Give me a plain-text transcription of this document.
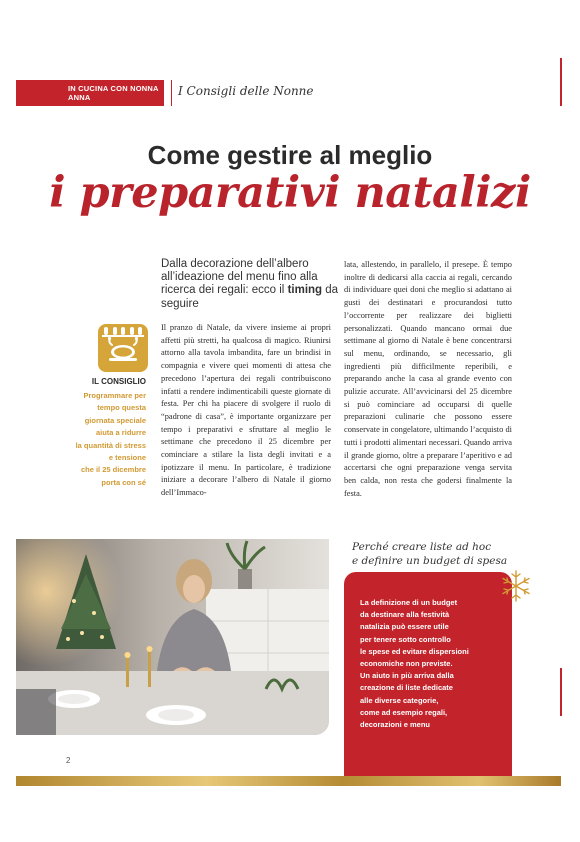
IN CUCINA CON NONNA ANNA	I Consigli delle Nonne
Come gestire al meglio
i preparativi natalizi

Dalla decorazione dell’albero all’ideazione del menu fino alla ricerca dei regali: ecco il timing da seguire

IL CONSIGLIO
Programmare per
tempo questa
giornata speciale
aiuta a ridurre
la quantità di stress
e tensione
che il 25 dicembre
porta con sé

Il pranzo di Natale, da vivere insieme ai propri affetti più stretti, ha qualcosa di magico. Riunirsi attorno alla tavola imbandita, fare un brindisi in compagnia e vivere quei momenti di attesa che precedono l’apertura dei regali contribuiscono infatti a rendere indimenticabili queste giornate di festa. Per chi ha piacere di svolgere il ruolo di “padrone di casa”, è importante organizzare per tempo i preparativi e sfruttare al meglio le settimane che precedono il 25 dicembre per cominciare a stilare la lista degli invitati e a ipotizzare il menu. In particolare, è tradizione iniziare a decorare l’albero di Natale il giorno dell’Immaco-

lata, allestendo, in parallelo, il presepe. È tempo inoltre di dedicarsi alla caccia ai regali, cercando di individuare quei doni che meglio si adattano ai gusti dei destinatari e procurandosi tutto l’occorrente per realizzare dei biglietti personalizzati. Quando mancano ormai due settimane al giorno di Natale è bene concentrarsi sul menu, ordinando, se necessario, gli ingredienti più difficilmente reperibili, e preparando anche la casa al grande evento con pulizie accurate. All’avvicinarsi del 25 dicembre si può cominciare ad occuparsi di quelle preparazioni culinarie che possono essere conservate in congelatore, ultimando l’acquisto di tutti i prodotti alimentari necessari. Quando arriva il grande giorno, oltre a preparare l’aperitivo e ad accertarsi che ogni preparazione venga servita ben calda, non resta che godersi finalmente la festa.

Perché creare liste ad hoc
e definire un budget di spesa
La definizione di un budget
da destinare alla festività
natalizia può essere utile
per tenere sotto controllo
le spese ed evitare dispersioni
economiche non previste.
Un aiuto in più arriva dalla
creazione di liste dedicate
alle diverse categorie,
come ad esempio regali,
decorazioni e menu
2
